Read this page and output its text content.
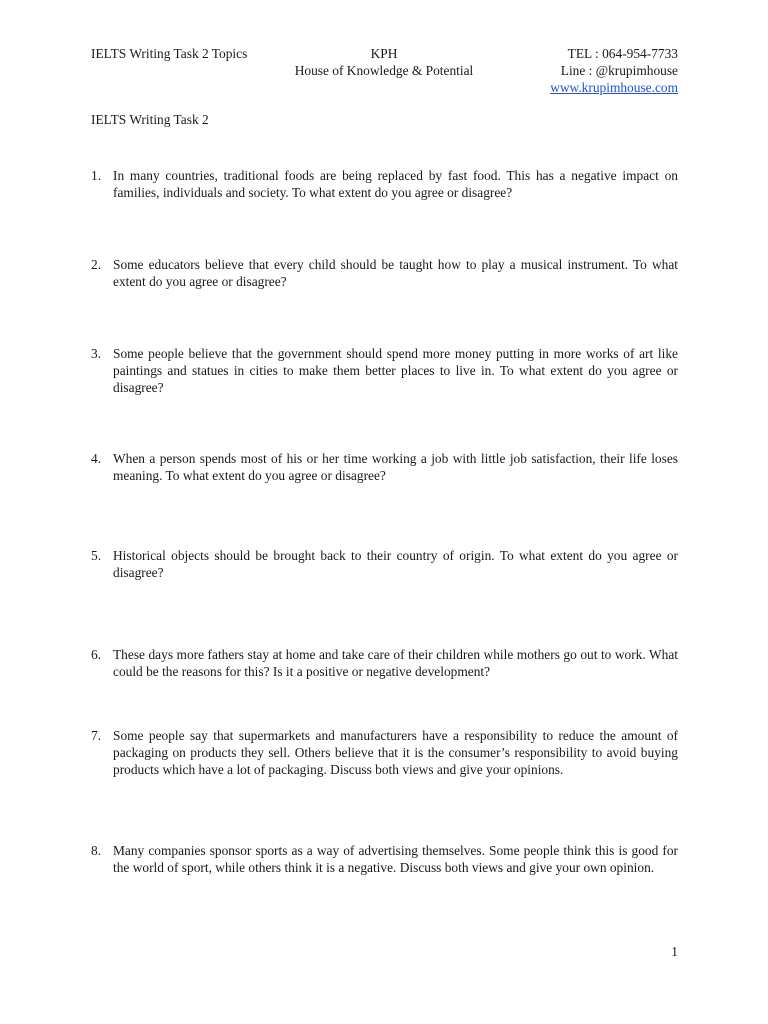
IELTS Writing Task 2 Topics	KPH
House of Knowledge & Potential
TEL : 064-954-7733
Line : @krupimhouse
www.krupimhouse.com
IELTS Writing Task 2
1. In many countries, traditional foods are being replaced by fast food. This has a negative impact on families, individuals and society. To what extent do you agree or disagree?
2. Some educators believe that every child should be taught how to play a musical instrument. To what extent do you agree or disagree?
3. Some people believe that the government should spend more money putting in more works of art like paintings and statues in cities to make them better places to live in. To what extent do you agree or disagree?
4. When a person spends most of his or her time working a job with little job satisfaction, their life loses meaning. To what extent do you agree or disagree?
5. Historical objects should be brought back to their country of origin. To what extent do you agree or disagree?
6. These days more fathers stay at home and take care of their children while mothers go out to work. What could be the reasons for this? Is it a positive or negative development?
7. Some people say that supermarkets and manufacturers have a responsibility to reduce the amount of packaging on products they sell. Others believe that it is the consumer’s responsibility to avoid buying products which have a lot of packaging. Discuss both views and give your opinions.
8. Many companies sponsor sports as a way of advertising themselves. Some people think this is good for the world of sport, while others think it is a negative. Discuss both views and give your own opinion.
1
